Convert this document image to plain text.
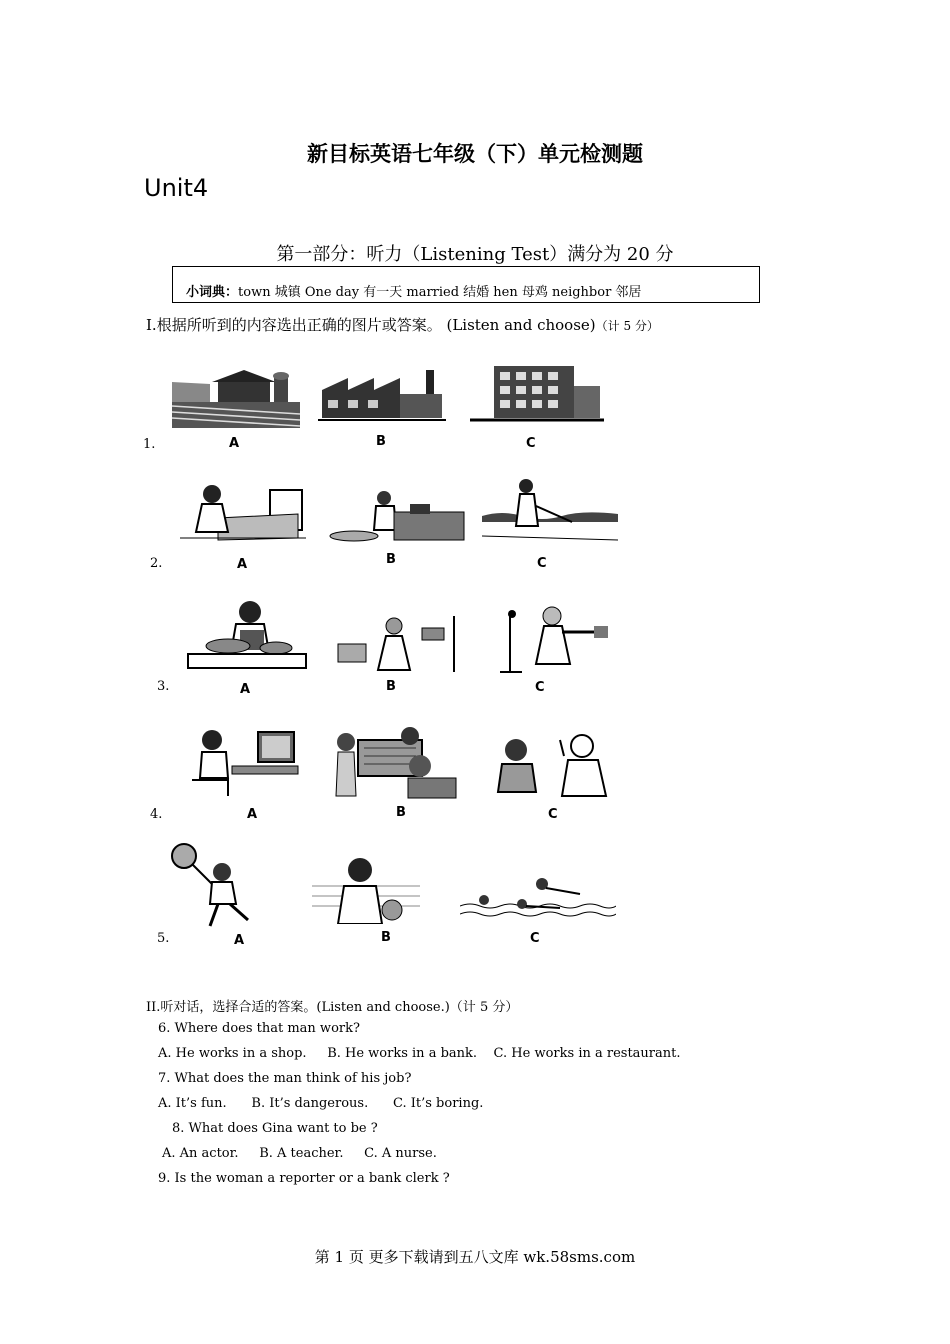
新目标英语七年级（下）单元检测题
Unit4
第一部分：听力（Listening Test）满分为 20 分
小词典：town 城镇 One day 有一天 married 结婚 hen 母鸡 neighbor 邻居
Ⅰ.根据所听到的内容选出正确的图片或答案。 (Listen and choose)（计 5 分）
1.	A	B	C
2.	A	B	C
3.	A	B	C
4.	A	B	C
5.	A	B	C
II.听对话，选择合适的答案。(Listen and choose.)（计 5 分）
6. Where does that man work?
A. He works in a shop.     B. He works in a bank.    C. He works in a restaurant.
7. What does the man think of his job?
A. It’s fun.      B. It’s dangerous.      C. It’s boring.
8. What does Gina want to be ?
A. An actor.     B. A teacher.     C. A nurse.
9. Is the woman a reporter or a bank clerk ?
第 1 页 更多下载请到五八文库 wk.58sms.com
